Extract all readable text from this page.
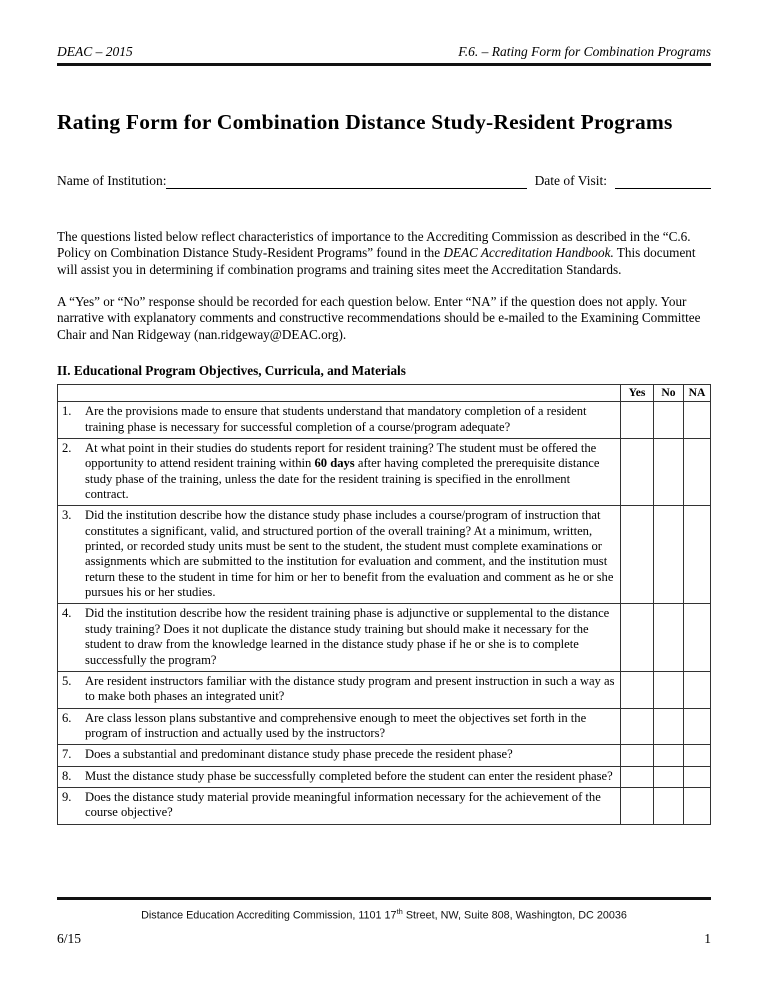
DEAC – 2015	F.6. – Rating Form for Combination Programs
Rating Form for Combination Distance Study-Resident Programs
Name of Institution:	Date of Visit:

The questions listed below reflect characteristics of importance to the Accrediting Commission as described in the “C.6. Policy on Combination Distance Study-Resident Programs” found in the DEAC Accreditation Handbook. This document will assist you in determining if combination programs and training sites meet the Accreditation Standards.

A “Yes” or “No” response should be recorded for each question below. Enter “NA” if the question does not apply. Your narrative with explanatory comments and constructive recommendations should be e-mailed to the Examining Committee Chair and Nan Ridgeway (nan.ridgeway@DEAC.org).

II. Educational Program Objectives, Curricula, and Materials
	Yes	No	NA

1. Are the provisions made to ensure that students understand that mandatory completion of a resident training phase is necessary for successful completion of a course/program adequate?			

2. At what point in their studies do students report for resident training? The student must be offered the opportunity to attend resident training within 60 days after having completed the prerequisite distance study phase of the training, unless the date for the resident training is specified in the enrollment contract.			

3. Did the institution describe how the distance study phase includes a course/program of instruction that constitutes a significant, valid, and structured portion of the overall training? At a minimum, written, printed, or recorded study units must be sent to the student, the student must complete examinations or assignments which are submitted to the institution for evaluation and comment, and the institution must return these to the student in time for him or her to benefit from the evaluation and comment as he or she pursues his or her studies.			

4. Did the institution describe how the resident training phase is adjunctive or supplemental to the distance study training? Does it not duplicate the distance study training but should make it necessary for the student to draw from the knowledge learned in the distance study phase if he or she is to complete successfully the program?			

5. Are resident instructors familiar with the distance study program and present instruction in such a way as to make both phases an integrated unit?			

6. Are class lesson plans substantive and comprehensive enough to meet the objectives set forth in the program of instruction and actually used by the instructors?			

7. Does a substantial and predominant distance study phase precede the resident phase?			

8. Must the distance study phase be successfully completed before the student can enter the resident phase?			

9. Does the distance study material provide meaningful information necessary for the achievement of the course objective?			

Distance Education Accrediting Commission, 1101 17th Street, NW, Suite 808, Washington, DC 20036
6/15	1
